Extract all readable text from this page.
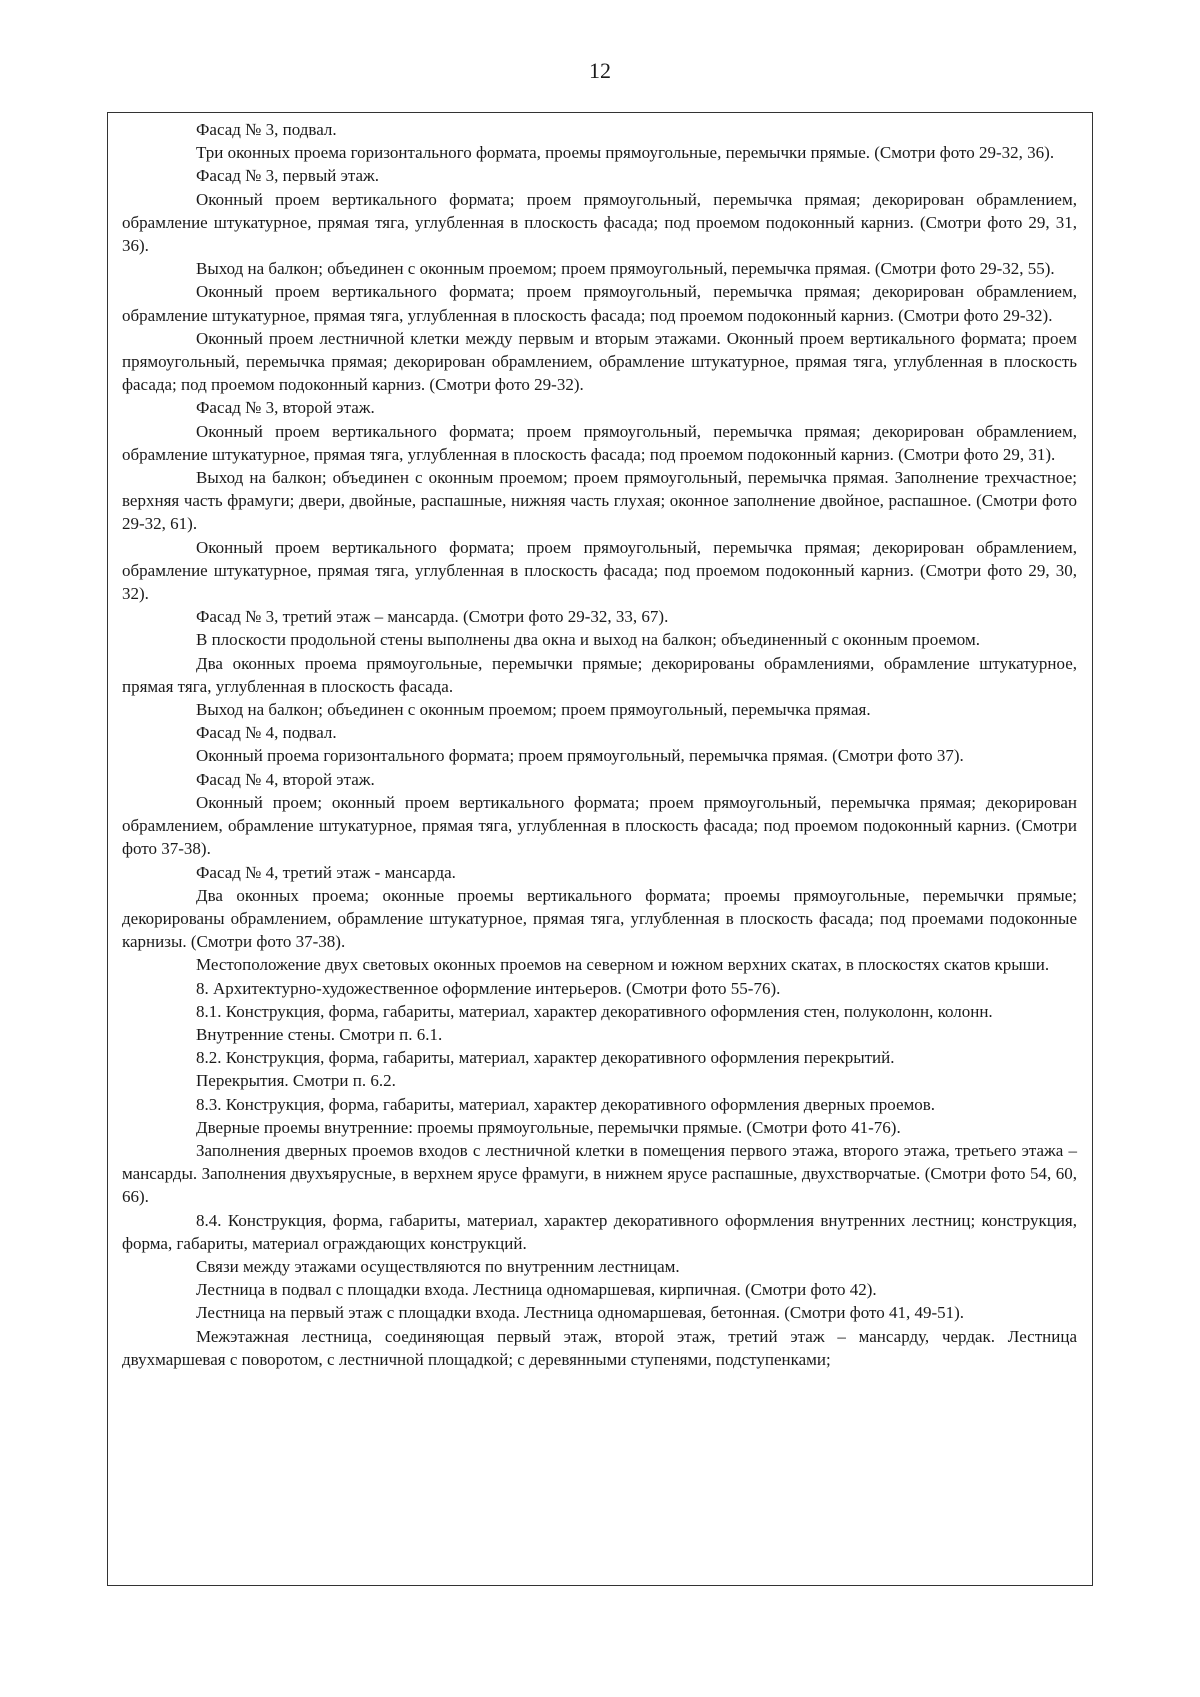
12

Фасад № 3, подвал.

Три оконных проема горизонтального формата, проемы прямоугольные, перемычки прямые. (Смотри фото 29-32, 36).

Фасад № 3, первый этаж.

Оконный проем вертикального формата; проем прямоугольный, перемычка прямая; декорирован обрамлением, обрамление штукатурное, прямая тяга, углубленная в плоскость фасада; под проемом подоконный карниз. (Смотри фото 29, 31, 36).

Выход на балкон; объединен с оконным проемом; проем прямоугольный, перемычка прямая. (Смотри фото 29-32, 55).

Оконный проем вертикального формата; проем прямоугольный, перемычка прямая; декорирован обрамлением, обрамление штукатурное, прямая тяга, углубленная в плоскость фасада; под проемом подоконный карниз. (Смотри фото 29-32).

Оконный проем лестничной клетки между первым и вторым этажами. Оконный проем вертикального формата; проем прямоугольный, перемычка прямая; декорирован обрамлением, обрамление штукатурное, прямая тяга, углубленная в плоскость фасада; под проемом подоконный карниз. (Смотри фото 29-32).

Фасад № 3, второй этаж.

Оконный проем вертикального формата; проем прямоугольный, перемычка прямая; декорирован обрамлением, обрамление штукатурное, прямая тяга, углубленная в плоскость фасада; под проемом подоконный карниз. (Смотри фото 29, 31).

Выход на балкон; объединен с оконным проемом; проем прямоугольный, перемычка прямая. Заполнение трехчастное; верхняя часть фрамуги; двери, двойные, распашные, нижняя часть глухая; оконное заполнение двойное, распашное. (Смотри фото 29-32, 61).

Оконный проем вертикального формата; проем прямоугольный, перемычка прямая; декорирован обрамлением, обрамление штукатурное, прямая тяга, углубленная в плоскость фасада; под проемом подоконный карниз. (Смотри фото 29, 30, 32).

Фасад № 3, третий этаж – мансарда. (Смотри фото 29-32, 33, 67).

В плоскости продольной стены выполнены два окна и выход на балкон; объединенный с оконным проемом.

Два оконных проема прямоугольные, перемычки прямые; декорированы обрамлениями, обрамление штукатурное, прямая тяга, углубленная в плоскость фасада.

Выход на балкон; объединен с оконным проемом; проем прямоугольный, перемычка прямая.

Фасад № 4, подвал.

Оконный проема горизонтального формата; проем прямоугольный, перемычка прямая. (Смотри фото 37).

Фасад № 4, второй этаж.

Оконный проем; оконный проем вертикального формата; проем прямоугольный, перемычка прямая; декорирован обрамлением, обрамление штукатурное, прямая тяга, углубленная в плоскость фасада; под проемом подоконный карниз. (Смотри фото 37-38).

Фасад № 4, третий этаж - мансарда.

Два оконных проема; оконные проемы вертикального формата; проемы прямоугольные, перемычки прямые; декорированы обрамлением, обрамление штукатурное, прямая тяга, углубленная в плоскость фасада; под проемами подоконные карнизы. (Смотри фото 37-38).

Местоположение двух световых оконных проемов на северном и южном верхних скатах, в плоскостях скатов крыши.

8. Архитектурно-художественное оформление интерьеров. (Смотри фото 55-76).

8.1. Конструкция, форма, габариты, материал, характер декоративного оформления стен, полуколонн, колонн.

Внутренние стены. Смотри п. 6.1.

8.2. Конструкция, форма, габариты, материал, характер декоративного оформления перекрытий.

Перекрытия. Смотри п. 6.2.

8.3. Конструкция, форма, габариты, материал, характер декоративного оформления дверных проемов.

Дверные проемы внутренние: проемы прямоугольные, перемычки прямые. (Смотри фото 41-76).

Заполнения дверных проемов входов с лестничной клетки в помещения первого этажа, второго этажа, третьего этажа – мансарды. Заполнения двухъярусные, в верхнем ярусе фрамуги, в нижнем ярусе распашные, двухстворчатые. (Смотри фото 54, 60, 66).

8.4. Конструкция, форма, габариты, материал, характер декоративного оформления внутренних лестниц; конструкция, форма, габариты, материал ограждающих конструкций.

Связи между этажами осуществляются по внутренним лестницам.

Лестница в подвал с площадки входа. Лестница одномаршевая, кирпичная. (Смотри фото 42).

Лестница на первый этаж с площадки входа. Лестница одномаршевая, бетонная. (Смотри фото 41, 49-51).

Межэтажная лестница, соединяющая первый этаж, второй этаж, третий этаж – мансарду, чердак. Лестница двухмаршевая с поворотом, с лестничной площадкой; с деревянными ступенями, подступенками;
